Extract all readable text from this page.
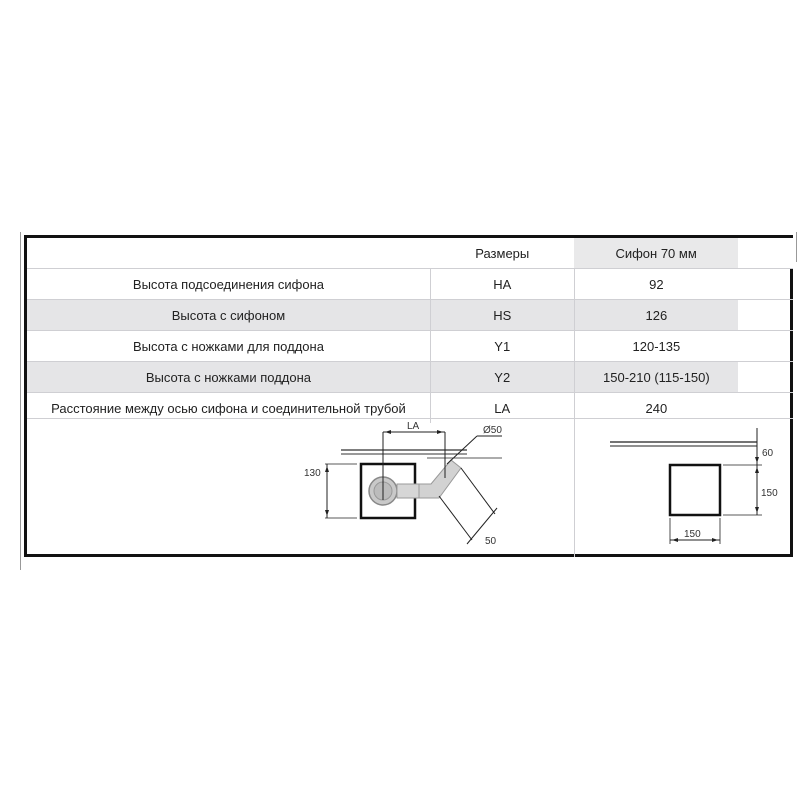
	Размеры	Сифон 70 мм	
Высота подсоединения сифона	HA	92	
Высота с сифоном	HS	126	
Высота с ножками для поддона	Y1	120-135	
Высота с ножками поддона	Y2	150-210 (115-150)	
Расстояние между осью сифона и соединительной трубой	LA	240	
LA	Ø50
130
50
60
150
150
